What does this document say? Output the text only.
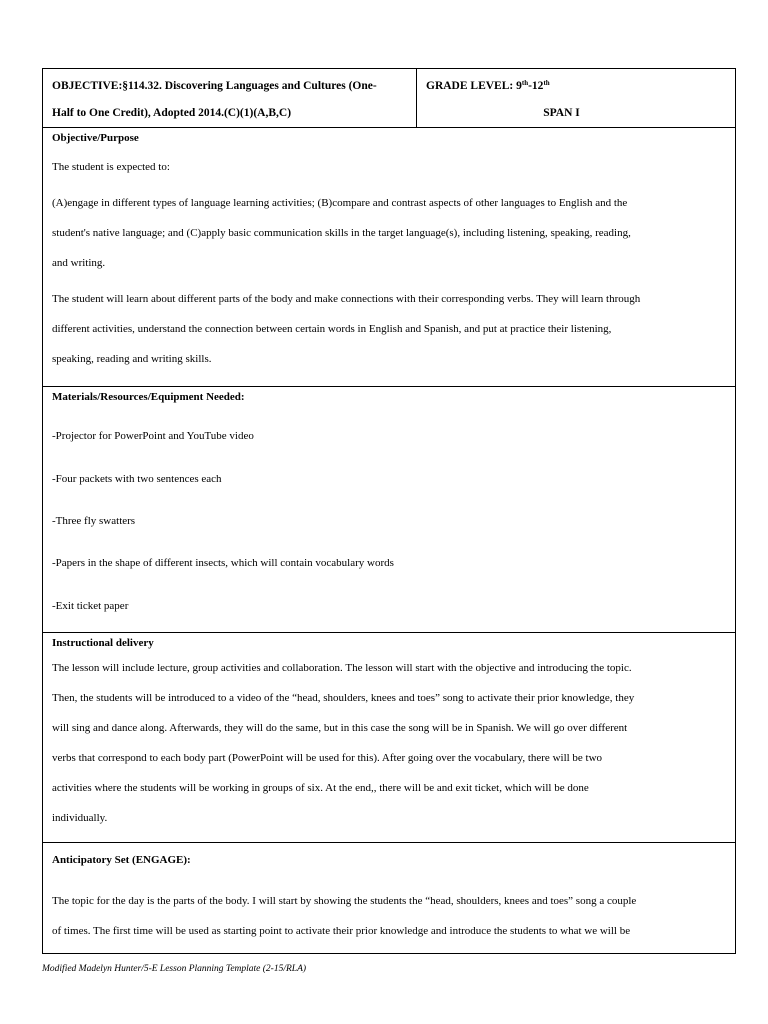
OBJECTIVE:§114.32. Discovering Languages and Cultures (One-
Half to One Credit), Adopted 2014.(C)(1)(A,B,C)

GRADE LEVEL: 9th-12th
SPAN I

Objective/Purpose

The student is expected to:

(A)engage in different types of language learning activities; (B)compare and contrast aspects of other languages to English and the

student's native language; and (C)apply basic communication skills in the target language(s), including listening, speaking, reading,

and writing.

The student will learn about different parts of the body and make connections with their corresponding verbs. They will learn through

different activities, understand the connection between certain words in English and Spanish, and put at practice their listening,

speaking, reading and writing skills.

Materials/Resources/Equipment Needed:

-Projector for PowerPoint and YouTube video

-Four packets with two sentences each

-Three fly swatters

-Papers in the shape of different insects, which will contain vocabulary words

-Exit ticket paper

Instructional delivery

The lesson will include lecture, group activities and collaboration. The lesson will start with the objective and introducing the topic.

Then, the students will be introduced to a video of the “head, shoulders, knees and toes” song to activate their prior knowledge, they

will sing and dance along. Afterwards, they will do the same, but in this case the song will be in Spanish. We will go over different

verbs that correspond to each body part (PowerPoint will be used for this). After going over the vocabulary, there will be two

activities where the students will be working in groups of six. At the end,, there will be and exit ticket, which will be done

individually.

Anticipatory Set (ENGAGE):

The topic for the day is the parts of the body. I will start by showing the students the “head, shoulders, knees and toes” song a couple

of times. The first time will be used as starting point to activate their prior knowledge and introduce the students to what we will be

Modified Madelyn Hunter/5-E Lesson Planning Template (2-15/RLA)
